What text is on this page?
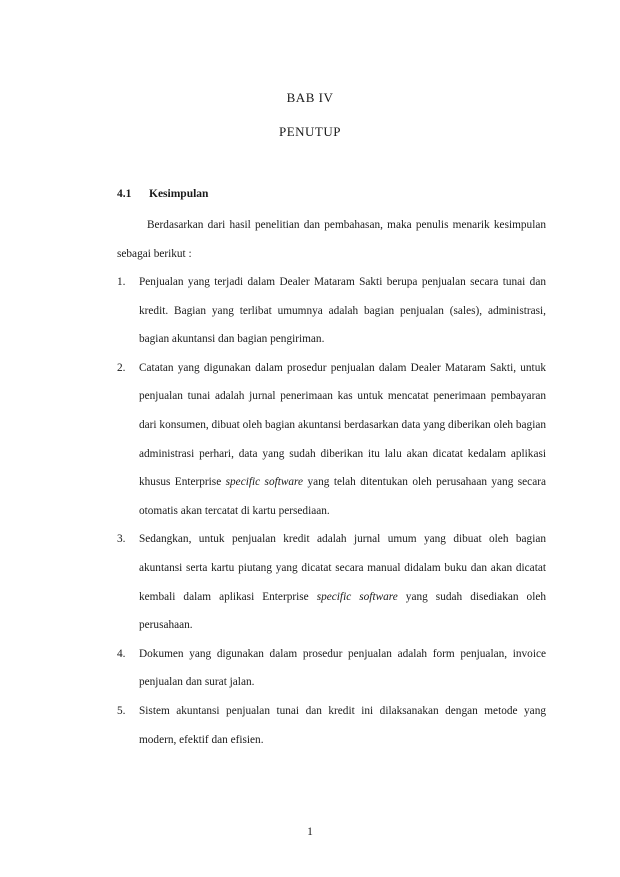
BAB IV
PENUTUP
4.1 Kesimpulan

Berdasarkan dari hasil penelitian dan pembahasan, maka penulis menarik kesimpulan sebagai berikut :

1. Penjualan yang terjadi dalam Dealer Mataram Sakti berupa penjualan secara tunai dan kredit. Bagian yang terlibat umumnya adalah bagian penjualan (sales), administrasi, bagian akuntansi dan bagian pengiriman.
2. Catatan yang digunakan dalam prosedur penjualan dalam Dealer Mataram Sakti, untuk penjualan tunai adalah jurnal penerimaan kas untuk mencatat penerimaan pembayaran dari konsumen, dibuat oleh bagian akuntansi berdasarkan data yang diberikan oleh bagian administrasi perhari, data yang sudah diberikan itu lalu akan dicatat kedalam aplikasi khusus Enterprise specific software yang telah ditentukan oleh perusahaan yang secara otomatis akan tercatat di kartu persediaan.
3. Sedangkan, untuk penjualan kredit adalah jurnal umum yang dibuat oleh bagian akuntansi serta kartu piutang yang dicatat secara manual didalam buku dan akan dicatat kembali dalam aplikasi Enterprise specific software yang sudah disediakan oleh perusahaan.
4. Dokumen yang digunakan dalam prosedur penjualan adalah form penjualan, invoice penjualan dan surat jalan.
5. Sistem akuntansi penjualan tunai dan kredit ini dilaksanakan dengan metode yang modern, efektif dan efisien.
1
